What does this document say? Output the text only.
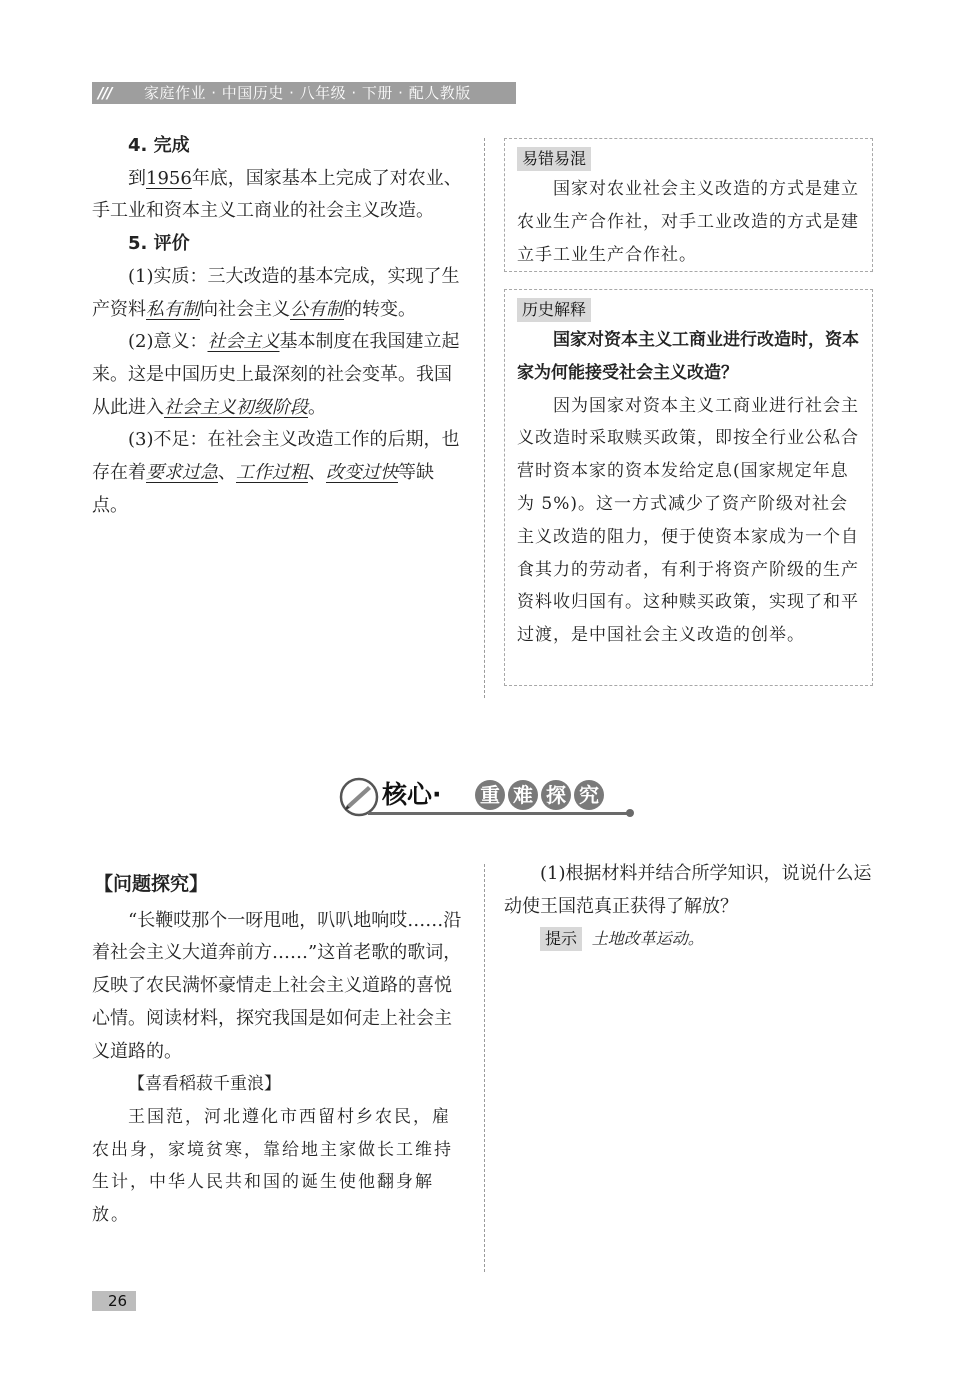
/// 家庭作业 · 中国历史 · 八年级 · 下册 · 配人教版

4. 完成

到1956年底，国家基本上完成了对农业、手工业和资本主义工商业的社会主义改造。

5. 评价

(1)实质：三大改造的基本完成，实现了生产资料私有制向社会主义公有制的转变。

(2)意义：社会主义基本制度在我国建立起来。这是中国历史上最深刻的社会变革。我国从此进入社会主义初级阶段。

(3)不足：在社会主义改造工作的后期，也存在着要求过急、工作过粗、改变过快等缺点。

易错易混

国家对农业社会主义改造的方式是建立农业生产合作社，对手工业改造的方式是建立手工业生产合作社。

历史解释

国家对资本主义工商业进行改造时，资本家为何能接受社会主义改造？

因为国家对资本主义工商业进行社会主义改造时采取赎买政策，即按全行业公私合营时资本家的资本发给定息(国家规定年息为 5%)。这一方式减少了资产阶级对社会主义改造的阻力，便于使资本家成为一个自食其力的劳动者，有利于将资产阶级的生产资料收归国有。这种赎买政策，实现了和平过渡，是中国社会主义改造的创举。

核心· 重 难 探 究

【问题探究】

“长鞭哎那个一呀甩吔，叭叭地响哎……沿着社会主义大道奔前方……”这首老歌的歌词，反映了农民满怀豪情走上社会主义道路的喜悦心情。阅读材料，探究我国是如何走上社会主义道路的。

【喜看稻菽千重浪】

王国范，河北遵化市西留村乡农民，雇农出身，家境贫寒，靠给地主家做长工维持生计，中华人民共和国的诞生使他翻身解放。

(1)根据材料并结合所学知识，说说什么运动使王国范真正获得了解放？

提示 土地改革运动。

26
